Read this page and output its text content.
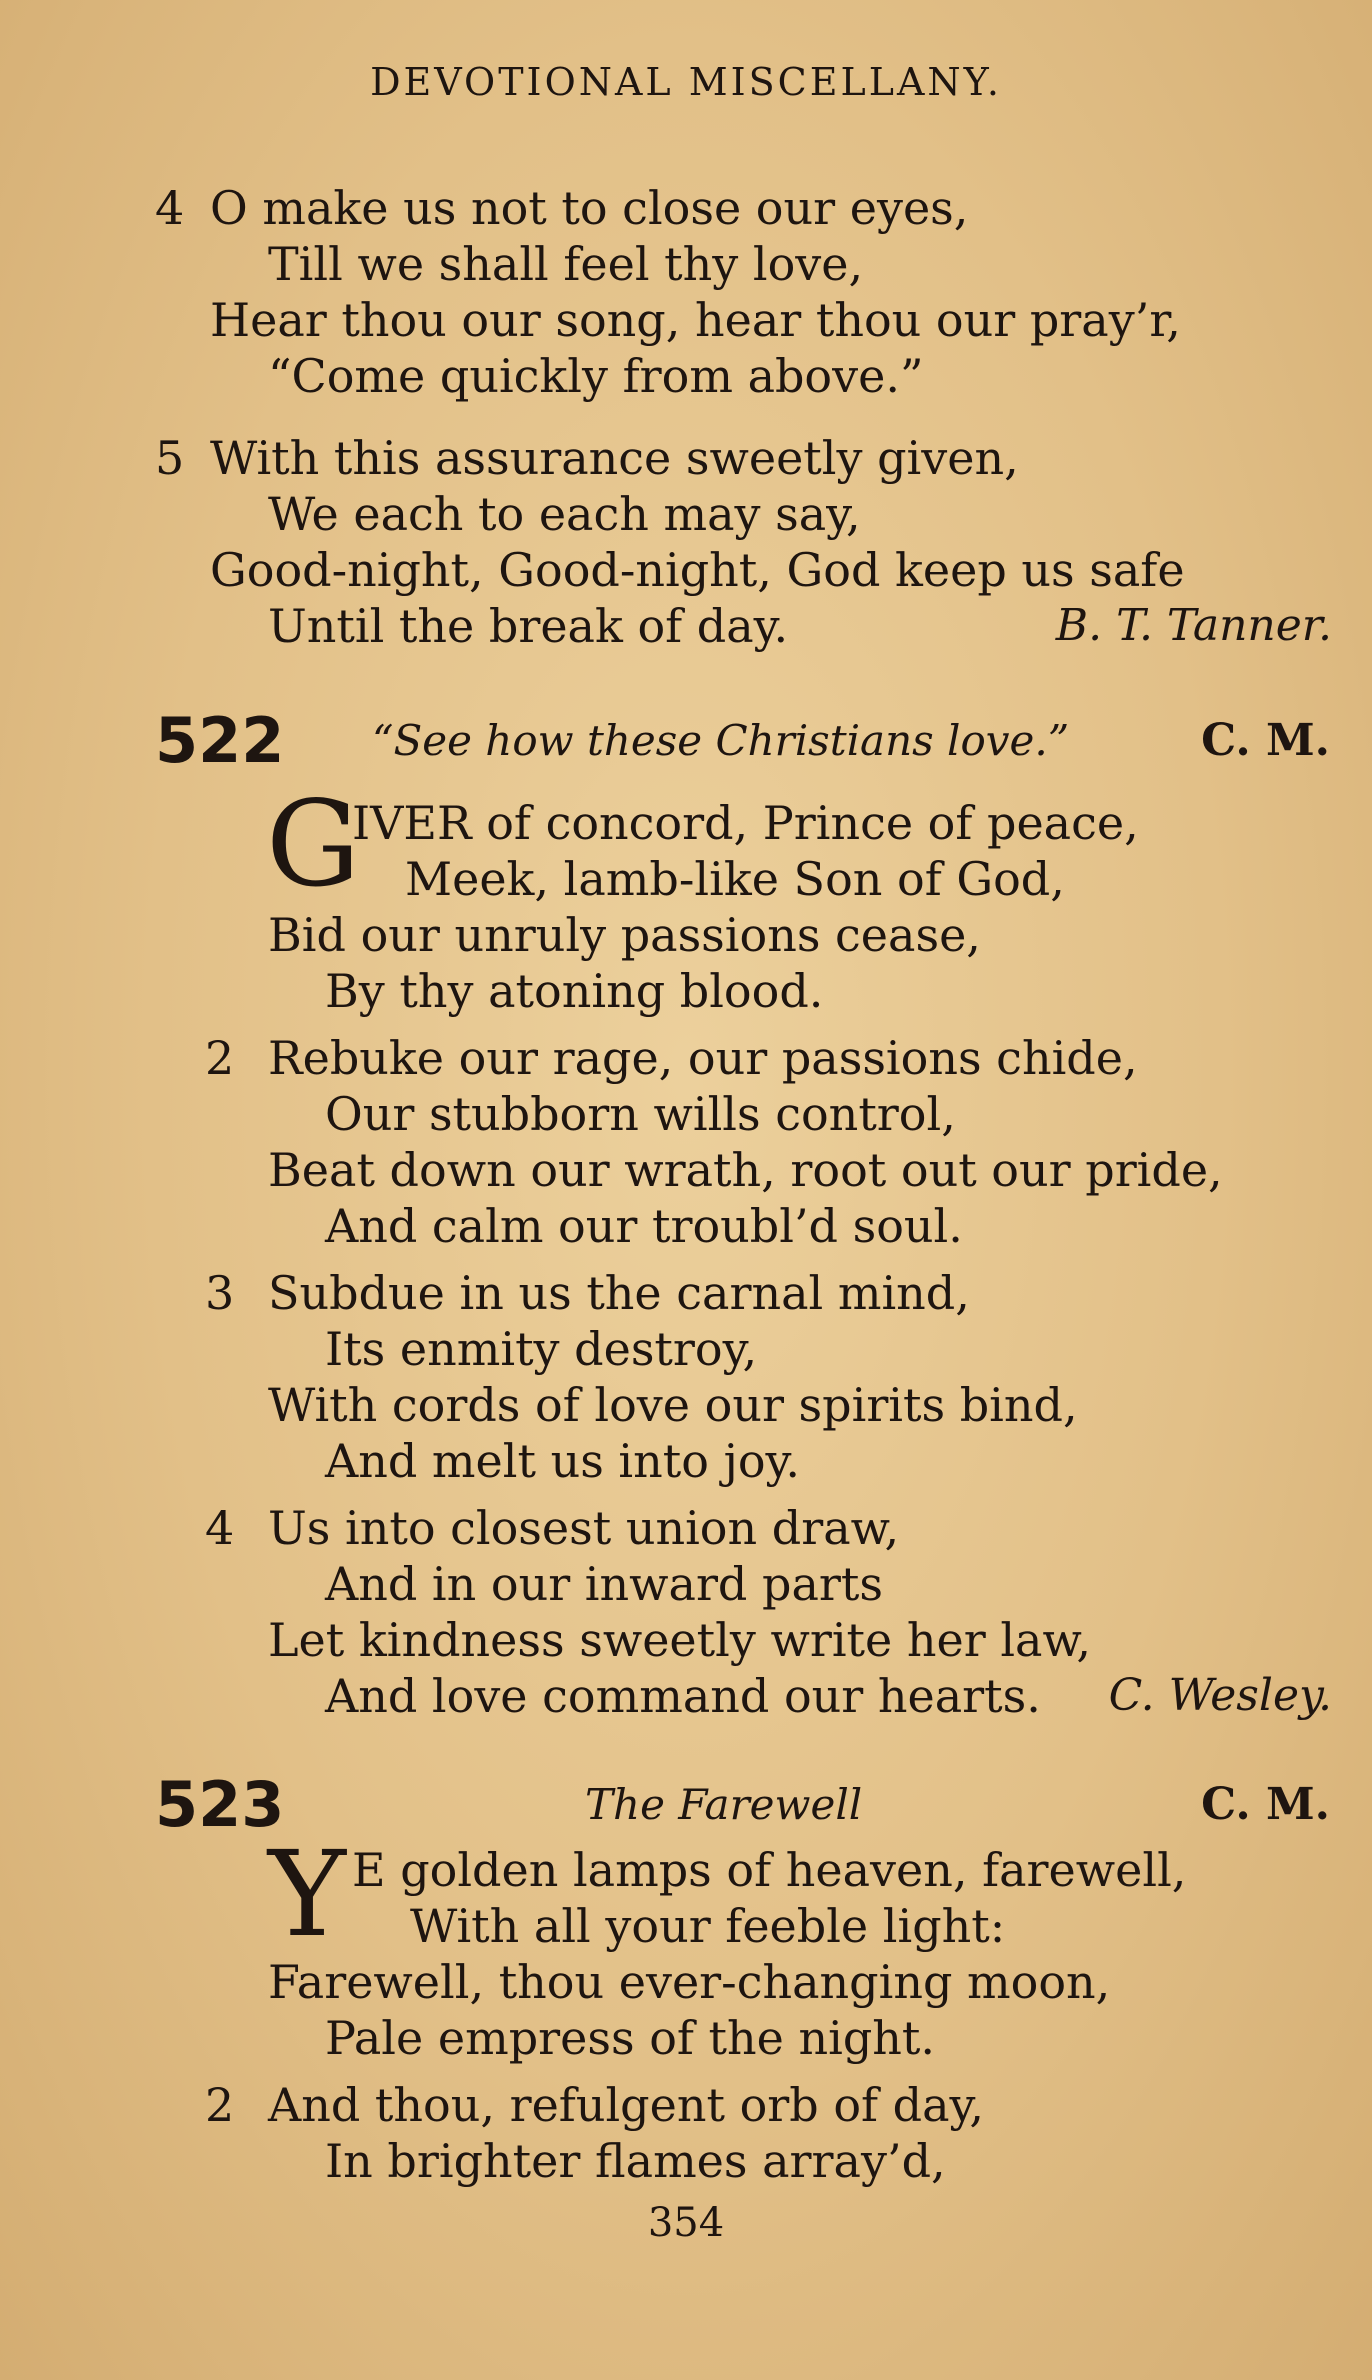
DEVOTIONAL MISCELLANY.
4 O make us not to close our eyes,
Till we shall feel thy love,
Hear thou our song, hear thou our pray’r,
“Come quickly from above.”
5 With this assurance sweetly given,
We each to each may say,
Good-night, Good-night, God keep us safe
Until the break of day.	B. T. Tanner.
522 “See how these Christians love.”	C. M.
G
IVER of concord, Prince of peace,
Meek, lamb-like Son of God,
Bid our unruly passions cease,
By thy atoning blood.
2 Rebuke our rage, our passions chide,
Our stubborn wills control,
Beat down our wrath, root out our pride,
And calm our troubl’d soul.
3 Subdue in us the carnal mind,
Its enmity destroy,
With cords of love our spirits bind,
And melt us into joy.
4 Us into closest union draw,
And in our inward parts
Let kindness sweetly write her law,
And love command our hearts. C. Wesley.
523	The Farewell	C. M.
Y E golden lamps of heaven, farewell,
With all your feeble light:
Farewell, thou ever-changing moon,
Pale empress of the night.
2 And thou, refulgent orb of day,
In brighter flames array’d,
354
